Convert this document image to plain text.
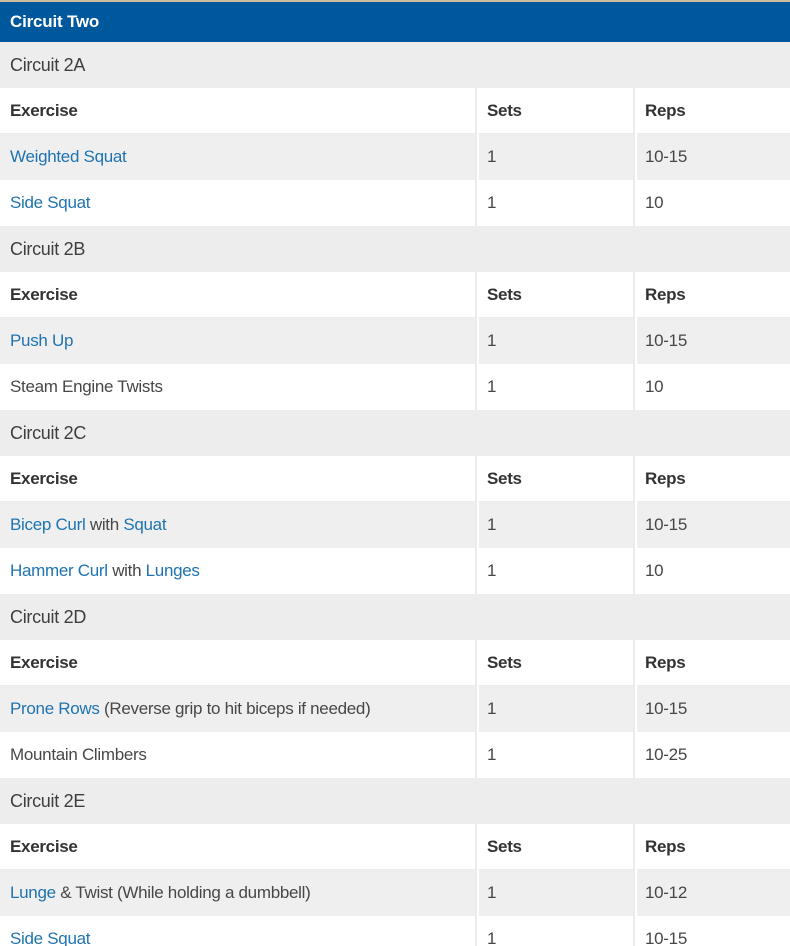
Circuit Two
Circuit 2A
Exercise	Sets	Reps
Weighted Squat	1	10-15
Side Squat	1	10
Circuit 2B
Exercise	Sets	Reps
Push Up	1	10-15
Steam Engine Twists	1	10
Circuit 2C
Exercise	Sets	Reps
Bicep Curl with Squat	1	10-15
Hammer Curl with Lunges	1	10
Circuit 2D
Exercise	Sets	Reps
Prone Rows (Reverse grip to hit biceps if needed)	1	10-15
Mountain Climbers	1	10-25
Circuit 2E
Exercise	Sets	Reps
Lunge & Twist (While holding a dumbbell)	1	10-12
Side Squat	1	10-15
